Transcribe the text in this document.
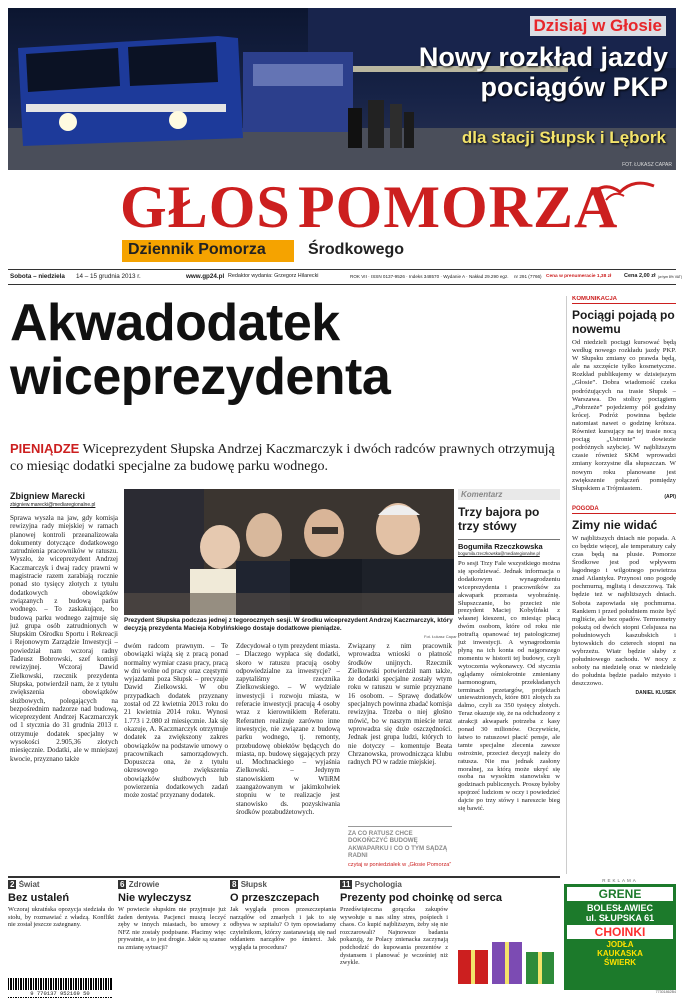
Dzisiaj w Głosie
Nowy rozkład jazdy
pociągów PKP
dla stacji Słupsk i Lębork
FOT. ŁUKASZ CAPAR
GŁOS POMORZA
Dziennik Pomorza	Środkowego
Sobota – niedziela 14 – 15 grudnia 2013 r.	www.gp24.pl Redaktor wydania: Grzegorz Hilarecki	ROK VII · ISSN 0137-9526 · Indeks 348570 · Wydanie A · Nakład 29.290 egz. nr 291 (7766) Cena w prenumeracie 1,38 zł Cena 2,00 zł (w tym 8% VAT)
Akwadodatek
wiceprezydenta
PIENIĄDZE Wiceprezydent Słupska Andrzej Kaczmarczyk i dwóch radców prawnych otrzymują co miesiąc dodatki specjalne za budowę parku wodnego.
Zbigniew Marecki
zbigniew.marecki@mediaregionalne.pl
Sprawa wyszła na jaw, gdy komisja rewizyjna rady miejskiej w ramach planowej kontroli przeanalizowała dokumenty dotyczące dodatkowego zatrudnienia pracowników w ratuszu. Wyszło, że wiceprezydent Andrzej Kaczmarczyk i dwaj radcy prawni w magistracie razem zarabiają rocznie ponad sto tysięcy złotych z tytułu dodatkowych obowiązków związanych z budową parku wodnego. – To zaskakujące, bo budową parku wodnego zajmuje się już grupa osób zatrudnionych w Słupskim Ośrodku Sportu i Rekreacji i Rejonowym Zarządzie Inwestycji – powiedział nam wczoraj radny Tadeusz Bobrowski, szef komisji rewizyjnej. Wczoraj Dawid Zielkowski, rzecznik prezydenta Słupska, potwierdził nam, że z tytułu zwiększenia obowiązków służbowych, polegających na bezpośrednim nadzorze nad budową, wiceprezydent Andrzej Kaczmarczyk od 1 stycznia do 31 grudnia 2013 r. otrzymuje dodatek specjalny w wysokości 2.905,36 złotych miesięcznie. Dodatki, ale w mniejszej kwocie, przyznano także
Prezydent Słupska podczas jednej z tegorocznych sesji. W środku wiceprezydent Andrzej Kaczmarczyk, który decyzją prezydenta Macieja Kobylińskiego dostaje dodatkowe pieniądze.
Fot. Łukasz Capar
dwóm radcom prawnym. – Te obowiązki wiążą się z pracą ponad normalny wymiar czasu pracy, pracą w dni wolne od pracy oraz częstymi wyjazdami poza Słupsk – precyzuje Dawid Zielkowski. W obu przypadkach dodatek przyznany został od 22 kwietnia 2013 roku do 21 kwietnia 2014 roku. Wynosi 1.773 i 2.080 zł miesięcznie. Jak się okazuje, A. Kaczmarczyk otrzymuje dodatek za zwiększony zakres obowiązków na podstawie umowy o pracownikach samorządowych. Dopuszcza ona, że z tytułu okresowego zwiększenia obowiązków służbowych lub powierzenia dodatkowych zadań może zostać przyznany dodatek.
Zdecydował o tym prezydent miasta. – Dlaczego wypłaca się dodatki, skoro w ratuszu pracują osoby odpowiedzialne za inwestycje? – zapytaliśmy rzecznika Zielkowskiego. – W wydziale inwestycji i rozwoju miasta, w referacie inwestycji pracują 4 osoby wraz z kierownikiem Referatu. Referatten realizuje zarówno inne inwestycje, nie związane z budową parku wodnego, tj. remonty, przebudowę obiektów będących do miasta, np. budowę sięgających przy ul. Mochnackiego – wyjaśnia Zielkowski. – Jedynym stanowiskiem w WIiRM zaangażowanym w jakimkolwiek stopniu w te realizacje jest stanowisko ds. pozyskiwania środków pozabudżetowych.
Związany z nim pracownik wprowadza wnioski o płatność środków unijnych. Rzecznik Zielkowski potwierdził nam także, że dodatki specjalne zostały wtym roku w ratuszu w sumie przyznane 16 osobom. – Sprawę dodatków specjalnych powinna zbadać komisja rewizyjna. Trzeba o niej głośno mówić, bo w naszym mieście teraz wprowadza się duże oszczędności. Jednak jest grupa ludzi, których to nie dotyczy – komentuje Beata Chrzanowska, prowodnicząca klubu radnych PO w radzie miejskiej.
ZA CO RATUSZ CHCE DOKOŃCZYĆ BUDOWĘ AKWAPARKU I CO O TYM SĄDZĄ RADNI
czytaj w poniedziałek w „Głosie Pomorza”
Komentarz
Trzy bajora po trzy stówy
Bogumiła Rzeczkowska
bogumila.rzeczkowska@mediaregionalne.pl
Po sesji Trzy Fale wszystkiego można się spodziewać. Jednak informacja o dodatkowym wynagrodzeniu wiceprezydenta i pracowników za akwapark przerasta wyobraźnię. Słupszczanie, bo przecież nie prezydent Maciej Kobyliński z własnej kieszeni, co miesiąc płacą dwóm osobom, które od roku nie potrafią opanować tej patologicznej już inwestycji. A wynagrodzenia płyną na ich konta od najgorszego momentu w historii tej budowy, czyli wytoczenia wykonawcy. Od stycznia oglądamy ośmiokrotnie zmieniany harmonogram, przekładanych terminach przetargów, projektach unieważnionych, które 801 złotych za dalmo, czyli za 350 tysięcy złotych. Teraz okazuje się, że na odchudzony z atrakcji akwapark potrzeba z kasy ponad 30 milionów. Oczywiście, łatwo to ratuszowi płacić pensje, ale tamte specjalne zlecenia zawsze ostrożnie, przecież decyzji należy do ratusza. Nie ma jednak zasłony moralnej, za którą może ukryć się osoba na wysokim stanowisku w godzinach publicznych. Proszę byłoby spojrzeć ludziom w oczy i powiedzieć dajcie po trzy stówy i nareszcie bieg się bawić.
KOMUNIKACJA
Pociągi pojadą po nowemu
Od niedzieli pociągi kursować będą według nowego rozkładu jazdy PKP. W Słupsku zmiany co prawda będą, ale na szczęście tylko kosmetyczne. Rozkład publikujemy w dzisiejszym „Głosie”. Dobra wiadomość czeka podróżujących na trasie Słupsk – Warszawa. Do stolicy pociągiem „Pobrzeże” pojedziemy pół godziny krócej. Podróż powinna będzie natomiast nawet o godzinę krótsza. Również kursujący na tej trasie nocą pociąg „Ustronie” dowiezie podróżnych szybciej. W najbliższym czasie również SKM wprowadzi zmiany korzystne dla słupszczan. W nowym roku planowane jest zwiększenie połączeń pomiędzy Słupskiem a Trójmiastem.
(API)
POGODA
Zimy nie widać
W najbliższych dniach nie popada. A co będzie więcej, ale temperatury cały czas będą na plusie. Pomorze Środkowe jest pod wpływem łagodnego i wilgotnego powietrza znad Atlantyku. Przynosi ono pogodę pochmurną, mglistą i deszczową. Tak będzie też w najbliższych dniach. Sobota zapowiada się pochmurna. Rankiem i przed południem może być mgliście, ale bez opadów. Termometry pokażą od dwóch stopni Celsjusza na południowych kaszubskich i bytowskich do czterech stopni na wybrzeżu. Wiatr będzie słaby z południowego zachodu. W nocy z soboty na niedzielę oraz w niedzielę do południa będzie padało mżysto i deszczowo.
DANIEL KLUSEK
2 Świat
Bez ustaleń
Wczoraj ukraińska opozycja siedziała do stołu, by rozmawiać z władzą. Konflikt nie został jeszcze zażegnany.
6 Zdrowie
Nie wyleczysz
W powiecie słupskim nie przyjmuje już żaden dentysta. Pacjenci muszą leczyć zęby w innych miastach, bo umowy z NFZ nie zostały podpisane. Płacimy więc prywatnie, a to jest drogie. Jakie są szanse na zmianę sytuacji?
8 Słupsk
O przeszczepach
Jak wygląda proces przeszczepiania narządów od zmarłych i jak to się odbywa w szpitalu? O tym opowiadamy czytelnikom, którzy zastanawiają się nad oddaniem narządów po śmierci. Jak wygląda ta procedura?
11 Psychologia
Prezenty pod choinkę od serca
Przedświąteczna gorączka zakupów wywołuje u nas silny stres, pośpiech i chaos. Co kupić najbliższym, żeby się nie rozczarowali? Najnowsze badania pokazują, że Polacy znienacka zaczynają podchodzić do kupowania prezentów z dystansem i planować je wcześniej niż zwykle.
REKLAMA
GRENE
BOLESŁAWIEC
ul. SŁUPSKA 61
CHOINKI
JODŁA
KAUKASKA
ŚWIERK
77301862B4
9 770137 952169 50
